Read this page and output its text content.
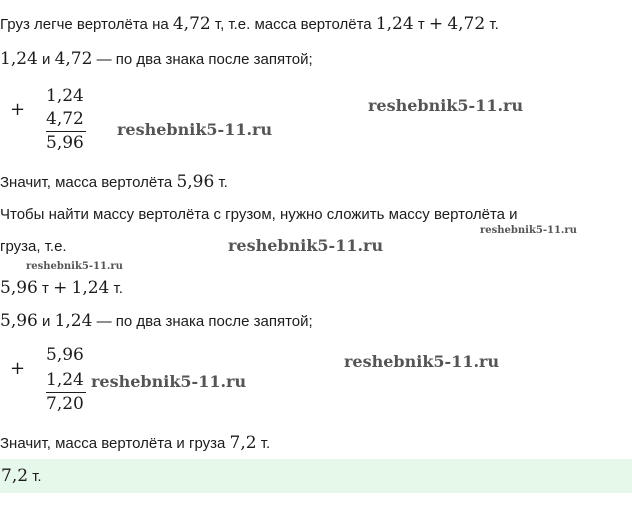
Груз легче вертолёта на 4,72 т, т.е. масса вертолёта 1,24 т + 4,72 т.
1,24 и 4,72 — по два знака после запятой;
+
1,24
4,72
5,96
Значит, масса вертолёта 5,96 т.
Чтобы найти массу вертолёта с грузом, нужно сложить массу вертолёта и
груза, т.е.
5,96 т + 1,24 т.
5,96 и 1,24 — по два знака после запятой;
+
5,96
1,24
7,20
Значит, масса вертолёта и груза 7,2 т.
7,2 т.
reshebnik5-11.ru
reshebnik5-11.ru
reshebnik5-11.ru
reshebnik5-11.ru
reshebnik5-11.ru
reshebnik5-11.ru
reshebnik5-11.ru
